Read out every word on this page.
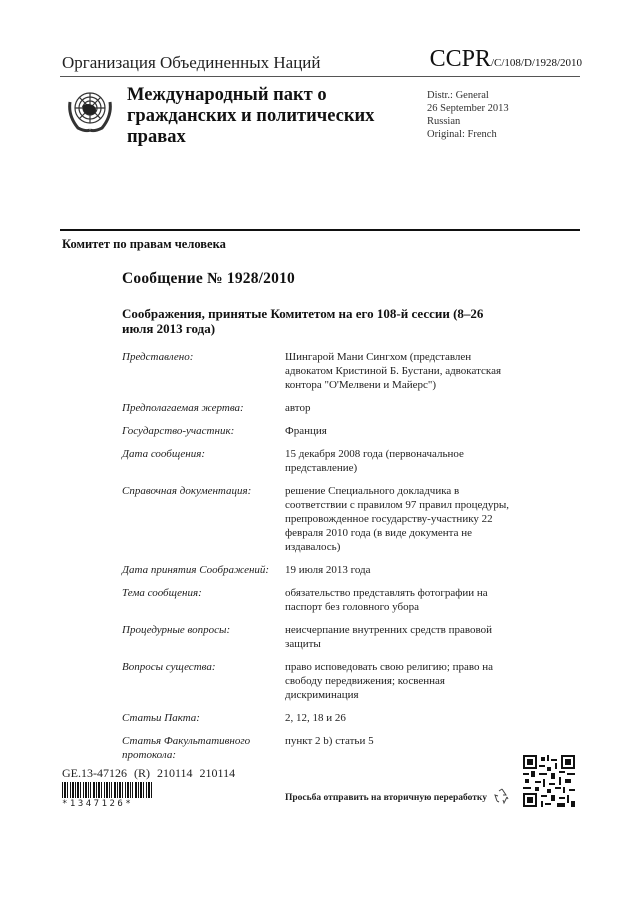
Организация Объединенных Наций	CCPR/C/108/D/1928/2010
Международный пакт о гражданских и политических правах
Distr.: General
26 September 2013
Russian
Original: French
Комитет по правам человека
Сообщение № 1928/2010
Соображения, принятые Комитетом на его 108-й сессии (8–26 июля 2013 года)
Представлено:	Шингарой Мани Сингхом (представлен адвокатом Кристиной Б. Бустани, адвокатская контора "О'Мелвени и Майерс")
Предполагаемая жертва:	автор
Государство-участник:	Франция
Дата сообщения:	15 декабря 2008 года (первоначальное представление)
Справочная документация:	решение Специального докладчика в соответствии с правилом 97 правил процедуры, препровожденное государству-участнику 22 февраля 2010 года (в виде документа не издавалось)
Дата принятия Соображений:	19 июля 2013 года
Тема сообщения:	обязательство представлять фотографии на паспорт без головного убора
Процедурные вопросы:	неисчерпание внутренних средств правовой защиты
Вопросы существа:	право исповедовать свою религию; право на свободу передвижения; косвенная дискриминация
Статьи Пакта:	2, 12, 18 и 26
Статья Факультативного протокола:
пункт 2 b) статьи 5
GE.13-47126 (R) 210114 210114
*1347126*
Просьба отправить на вторичную переработку
